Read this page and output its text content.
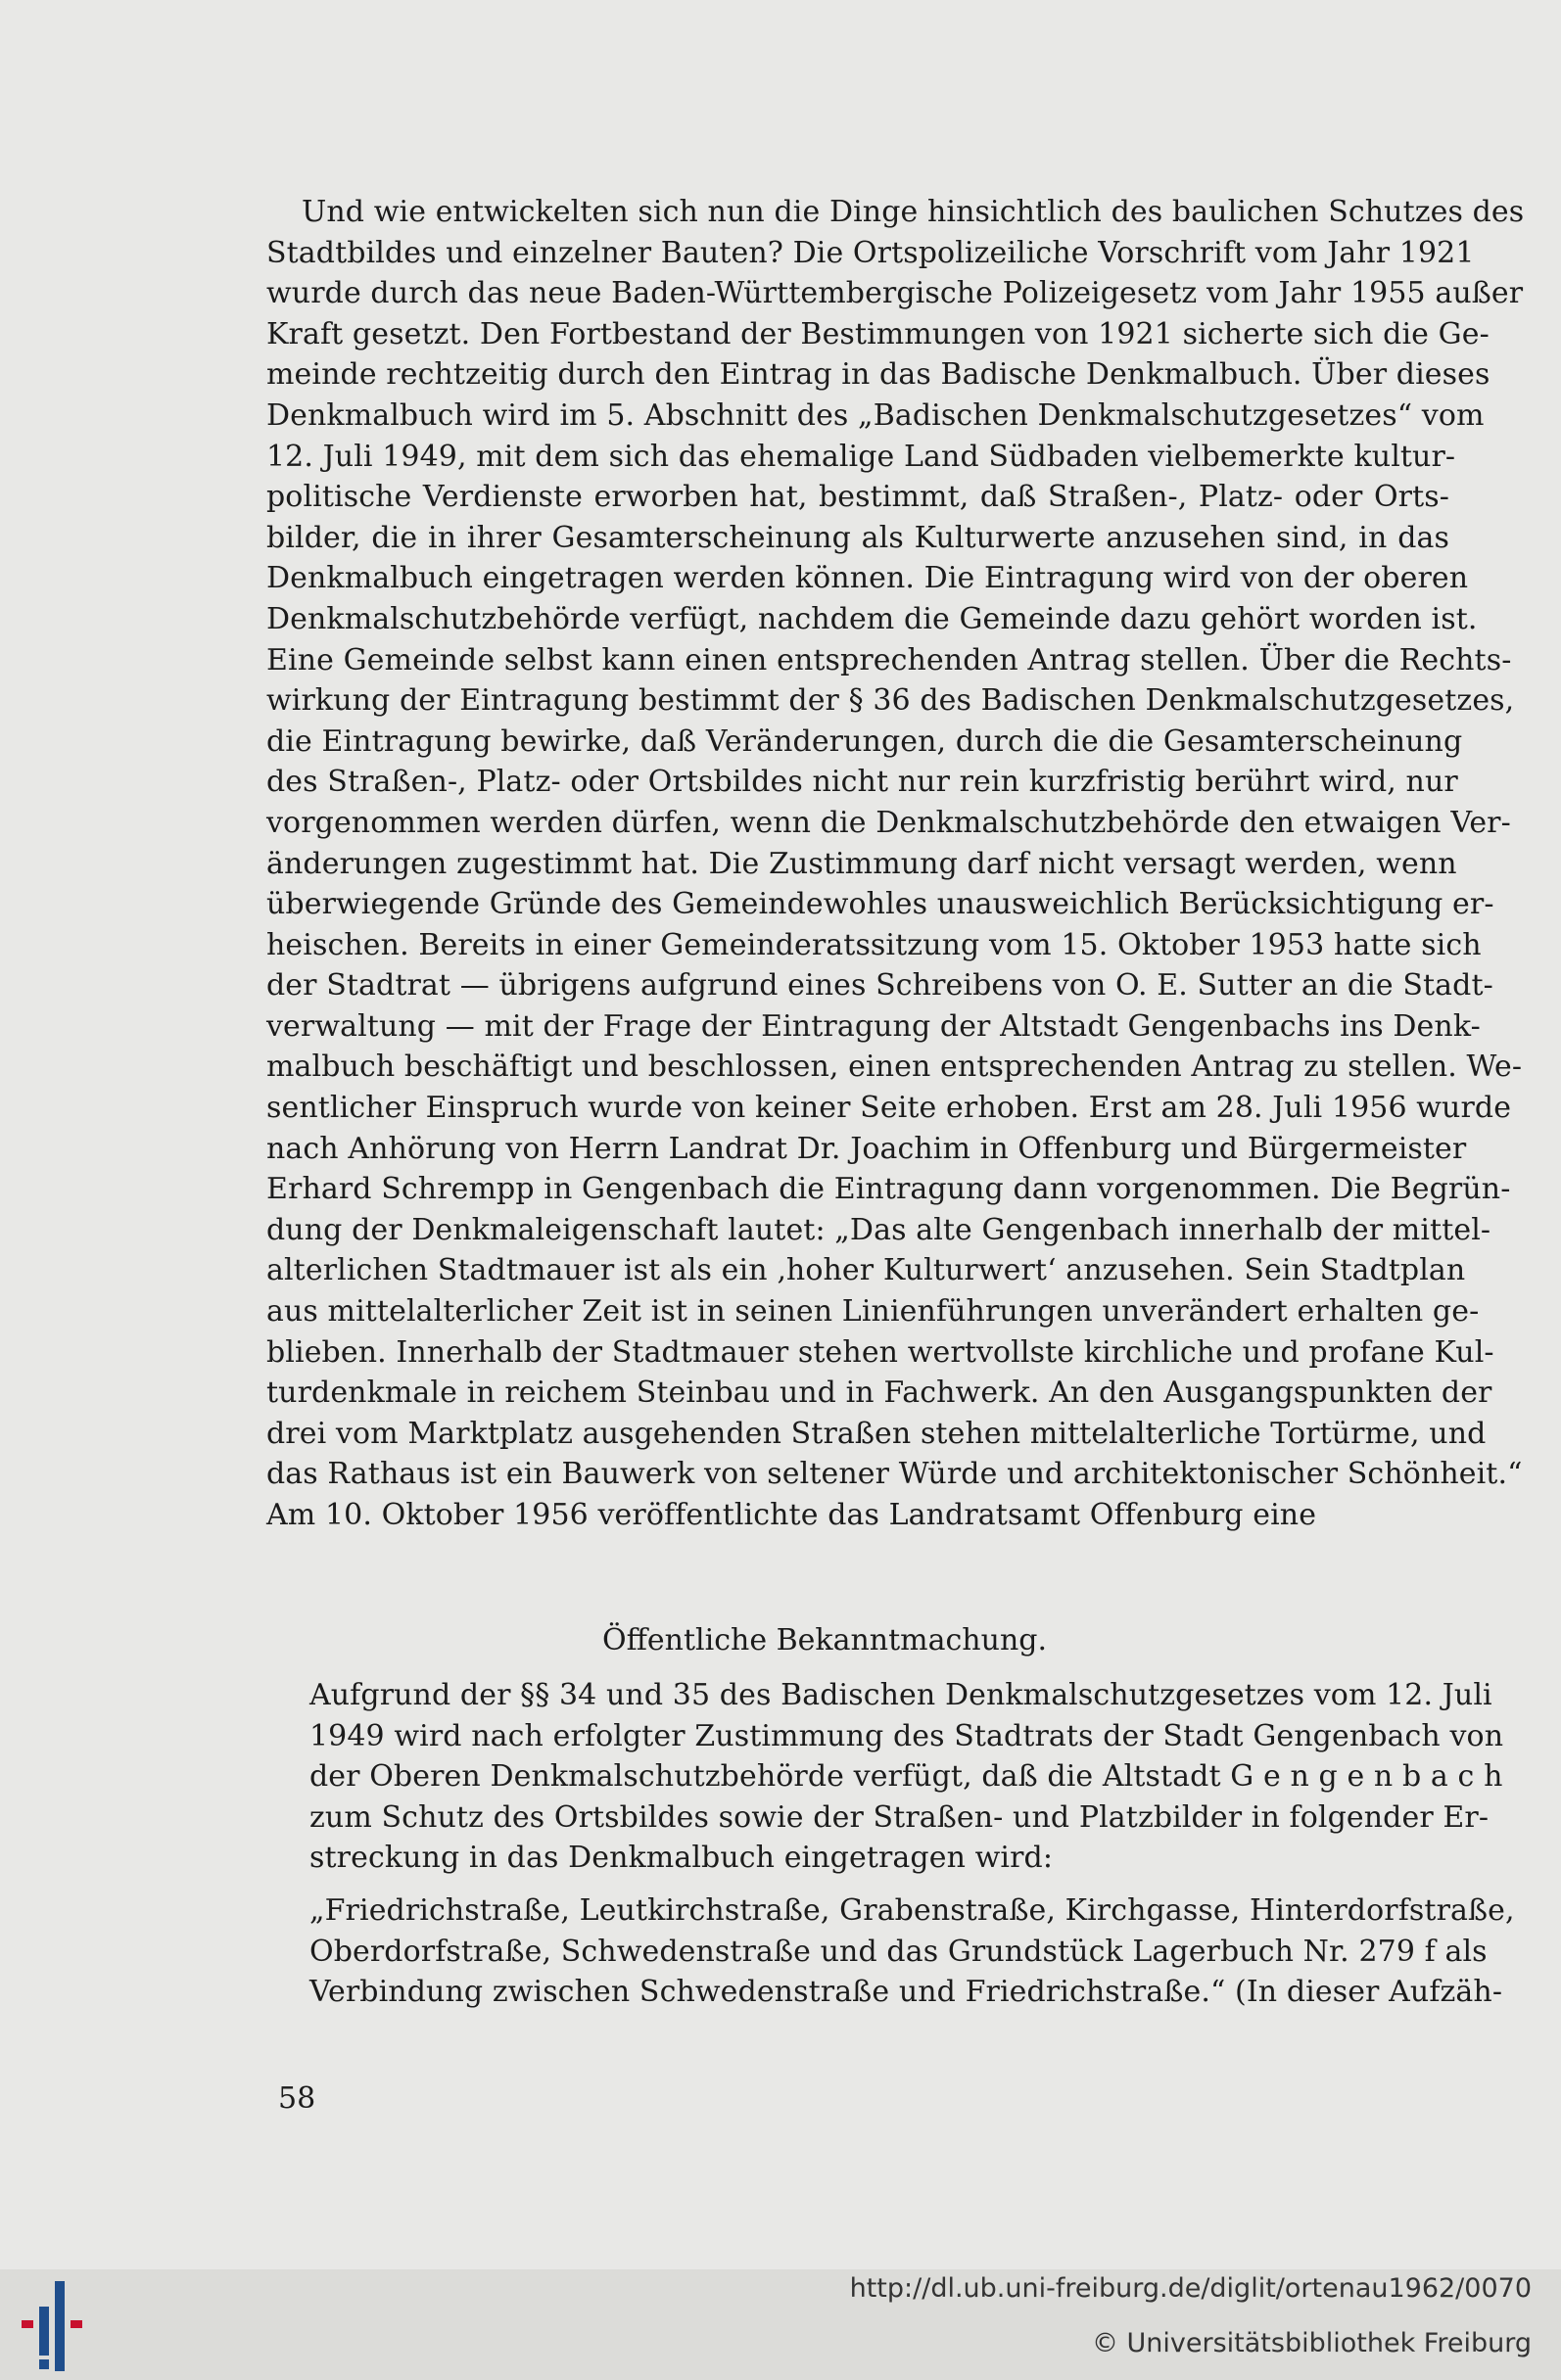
Und wie entwickelten sich nun die Dinge hinsichtlich des baulichen Schutzes des
Stadtbildes und einzelner Bauten? Die Ortspolizeiliche Vorschrift vom Jahr 1921
wurde durch das neue Baden-Württembergische Polizeigesetz vom Jahr 1955 außer
Kraft gesetzt. Den Fortbestand der Bestimmungen von 1921 sicherte sich die Ge-
meinde rechtzeitig durch den Eintrag in das Badische Denkmalbuch. Über dieses
Denkmalbuch wird im 5. Abschnitt des „Badischen Denkmalschutzgesetzes“ vom
12. Juli 1949, mit dem sich das ehemalige Land Südbaden vielbemerkte kultur-
politische Verdienste erworben hat, bestimmt, daß Straßen-, Platz- oder Orts-
bilder, die in ihrer Gesamterscheinung als Kulturwerte anzusehen sind, in das
Denkmalbuch eingetragen werden können. Die Eintragung wird von der oberen
Denkmalschutzbehörde verfügt, nachdem die Gemeinde dazu gehört worden ist.
Eine Gemeinde selbst kann einen entsprechenden Antrag stellen. Über die Rechts-
wirkung der Eintragung bestimmt der § 36 des Badischen Denkmalschutzgesetzes,
die Eintragung bewirke, daß Veränderungen, durch die die Gesamterscheinung
des Straßen-, Platz- oder Ortsbildes nicht nur rein kurzfristig berührt wird, nur
vorgenommen werden dürfen, wenn die Denkmalschutzbehörde den etwaigen Ver-
änderungen zugestimmt hat. Die Zustimmung darf nicht versagt werden, wenn
überwiegende Gründe des Gemeindewohles unausweichlich Berücksichtigung er-
heischen. Bereits in einer Gemeinderatssitzung vom 15. Oktober 1953 hatte sich
der Stadtrat — übrigens aufgrund eines Schreibens von O. E. Sutter an die Stadt-
verwaltung — mit der Frage der Eintragung der Altstadt Gengenbachs ins Denk-
malbuch beschäftigt und beschlossen, einen entsprechenden Antrag zu stellen. We-
sentlicher Einspruch wurde von keiner Seite erhoben. Erst am 28. Juli 1956 wurde
nach Anhörung von Herrn Landrat Dr. Joachim in Offenburg und Bürgermeister
Erhard Schrempp in Gengenbach die Eintragung dann vorgenommen. Die Begrün-
dung der Denkmaleigenschaft lautet: „Das alte Gengenbach innerhalb der mittel-
alterlichen Stadtmauer ist als ein ‚hoher Kulturwert‘ anzusehen. Sein Stadtplan
aus mittelalterlicher Zeit ist in seinen Linienführungen unverändert erhalten ge-
blieben. Innerhalb der Stadtmauer stehen wertvollste kirchliche und profane Kul-
turdenkmale in reichem Steinbau und in Fachwerk. An den Ausgangspunkten der
drei vom Marktplatz ausgehenden Straßen stehen mittelalterliche Tortürme, und
das Rathaus ist ein Bauwerk von seltener Würde und architektonischer Schönheit.“
Am 10. Oktober 1956 veröffentlichte das Landratsamt Offenburg eine
Öffentliche Bekanntmachung.
Aufgrund der §§ 34 und 35 des Badischen Denkmalschutzgesetzes vom 12. Juli
1949 wird nach erfolgter Zustimmung des Stadtrats der Stadt Gengenbach von
der Oberen Denkmalschutzbehörde verfügt, daß die Altstadt G e n g e n b a c h
zum Schutz des Ortsbildes sowie der Straßen- und Platzbilder in folgender Er-
streckung in das Denkmalbuch eingetragen wird:
„Friedrichstraße, Leutkirchstraße, Grabenstraße, Kirchgasse, Hinterdorfstraße,
Oberdorfstraße, Schwedenstraße und das Grundstück Lagerbuch Nr. 279 f als
Verbindung zwischen Schwedenstraße und Friedrichstraße.“ (In dieser Aufzäh-
58
http://dl.ub.uni-freiburg.de/diglit/ortenau1962/0070
© Universitätsbibliothek Freiburg
